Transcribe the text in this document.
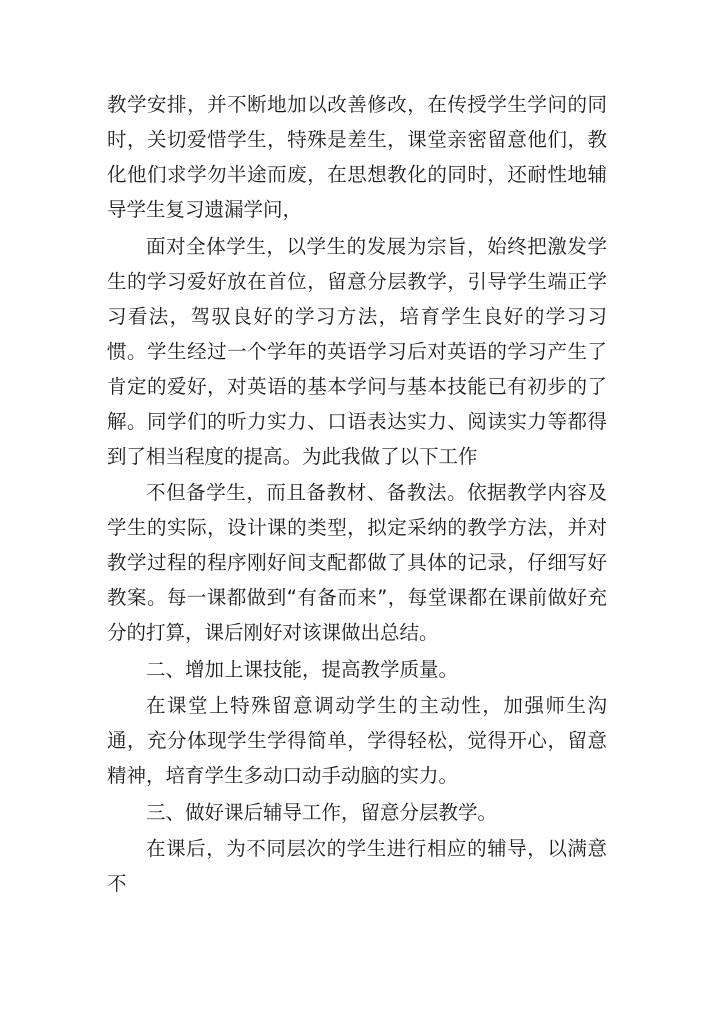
教学安排，并不断地加以改善修改，在传授学生学问的同时，关切爱惜学生，特殊是差生，课堂亲密留意他们，教化他们求学勿半途而废，在思想教化的同时，还耐性地辅导学生复习遗漏学问，

面对全体学生，以学生的发展为宗旨，始终把激发学生的学习爱好放在首位，留意分层教学，引导学生端正学习看法，驾驭良好的学习方法，培育学生良好的学习习惯。学生经过一个学年的英语学习后对英语的学习产生了肯定的爱好，对英语的基本学问与基本技能已有初步的了解。同学们的听力实力、口语表达实力、阅读实力等都得到了相当程度的提高。为此我做了以下工作

不但备学生，而且备教材、备教法。依据教学内容及学生的实际，设计课的类型，拟定采纳的教学方法，并对教学过程的程序刚好间支配都做了具体的记录，仔细写好教案。每一课都做到“有备而来”，每堂课都在课前做好充分的打算，课后刚好对该课做出总结。

二、增加上课技能，提高教学质量。

在课堂上特殊留意调动学生的主动性，加强师生沟通，充分体现学生学得简单，学得轻松，觉得开心，留意精神，培育学生多动口动手动脑的实力。

三、做好课后辅导工作，留意分层教学。

在课后，为不同层次的学生进行相应的辅导，以满意不
